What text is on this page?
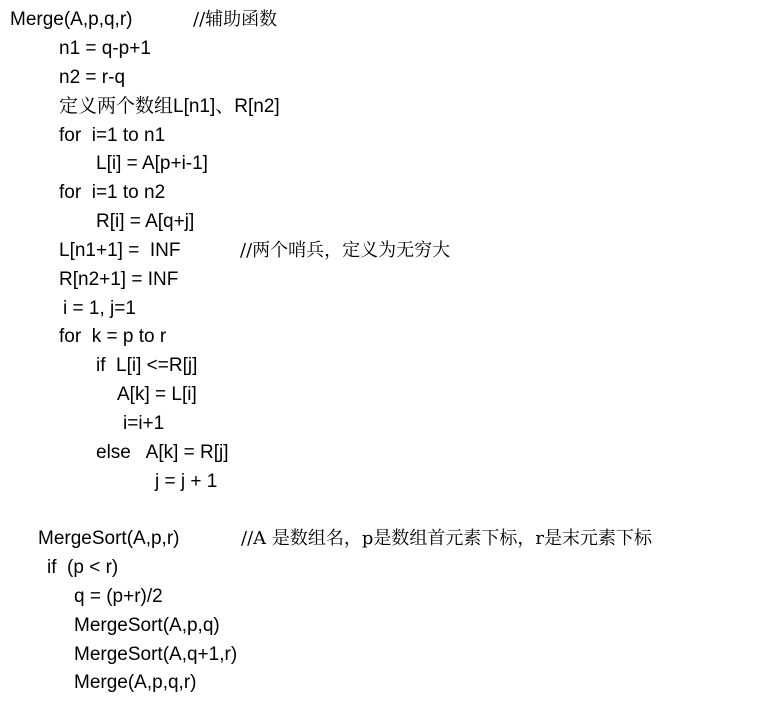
Merge(A,p,q,r)	//辅助函数
n1 = q-p+1
n2 = r-q
定义两个数组L[n1]、R[n2]
for  i=1 to n1
L[i] = A[p+i-1]
for  i=1 to n2
R[i] = A[q+j]
L[n1+1] =  INF	//两个哨兵，定义为无穷大
R[n2+1] = INF
i = 1, j=1
for  k = p to r
if  L[i] <=R[j]
A[k] = L[i]
i=i+1
else   A[k] = R[j]
j = j + 1
MergeSort(A,p,r)	//A 是数组名，p是数组首元素下标，r是末元素下标
if  (p < r)
q = (p+r)/2
MergeSort(A,p,q)
MergeSort(A,q+1,r)
Merge(A,p,q,r)
